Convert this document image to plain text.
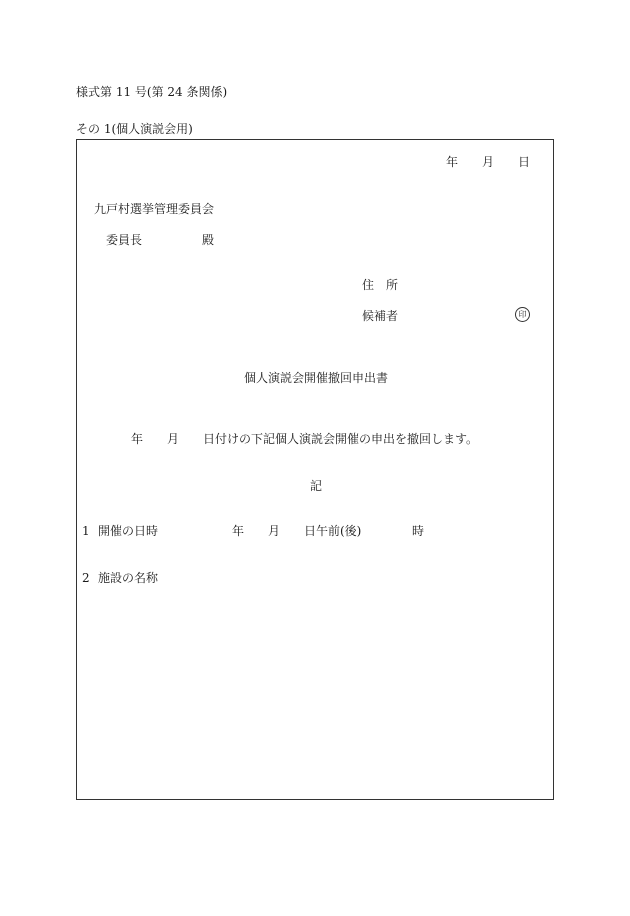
様式第 11 号(第 24 条関係)
その 1(個人演説会用)
年 月 日
九戸村選挙管理委員会
委員長	殿
住　所
候補者	印
個人演説会開催撤回申出書
年 月 日付けの下記個人演説会開催の申出を撤回します。
記
1 開催の日時	年 月 日午前(後)	時
2 施設の名称
